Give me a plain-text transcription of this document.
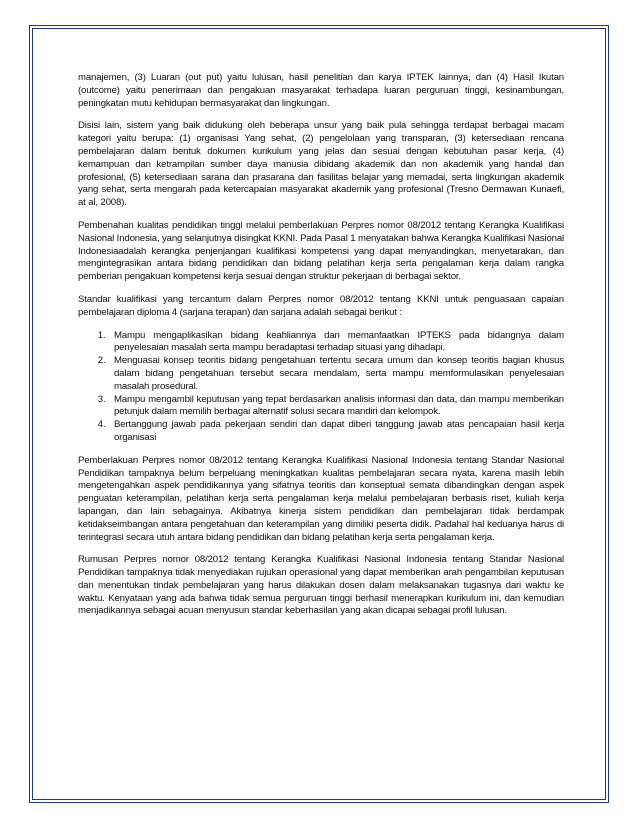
manajemen, (3) Luaran (out put) yaitu lulusan, hasil penelitian dan karya IPTEK lainnya, dan (4) Hasil Ikutan (outcome) yaitu penerimaan dan pengakuan masyarakat terhadapa luaran perguruan tinggi, kesinambungan, peningkatan mutu kehidupan bermasyarakat dan lingkungan.

Disisi lain, sistem yang baik didukung oleh beberapa unsur yang baik pula sehingga terdapat berbagai macam kategori yaitu berupa: (1) organisasi Yang sehat, (2) pengelolaan yang transparan, (3) ketersediaan rencana pembelajaran dalam bentuk dokumen kurikulum yang jelas dan sesuai dengan kebutuhan pasar kerja, (4) kemampuan dan ketrampilan sumber daya manusia dibidang akademik dan non akademik yang handal dan profesional, (5) ketersediaan sarana dan prasarana dan fasilitas belajar yang memadai, serta lingkungan akademik yang sehat, serta mengarah pada ketercapaian masyarakat akademik yang profesional (Tresno Dermawan Kunaefi, at al, 2008).

Pembenahan kualitas pendidikan tinggi melalui pemberlakuan Perpres nomor 08/2012 tentang Kerangka Kualifikasi Nasional Indonesia, yang selanjutnya disingkat KKNI. Pada Pasal 1 menyatakan bahwa Kerangka Kualifikasi Nasional Indonesiaadalah kerangka penjenjangan kualifikasi kompetensi yang dapat menyandingkan, menyetarakan, dan mengintegrasikan antara bidang pendidikan dan bidang pelatihan kerja serta pengalaman kerja dalam rangka pemberian pengakuan kompetensi kerja sesuai dengan struktur pekerjaan di berbagai sektor.

Standar kualifikasi yang tercantum dalam Perpres nomor 08/2012 tentang KKNI untuk penguasaan capaian pembelajaran diploma 4 (sarjana terapan) dan sarjana adalah sebagai berikut :

1. Mampu mengaplikasikan bidang keahliannya dan memanfaatkan IPTEKS pada bidangnya dalam penyelesaian masalah serta mampu beradaptasi terhadap situasi yang dihadapi.
2. Menguasai konsep teoritis bidang pengetahuan tertentu secara umum dan konsep teoritis bagian khusus dalam bidang pengetahuan tersebut secara mendalam, serta mampu memformulasikan penyelesaian masalah prosedural.
3. Mampu mengambil keputusan yang tepat berdasarkan analisis informasi dan data, dan mampu memberikan petunjuk dalam memilih berbagai alternatif solusi secara mandiri dan kelompok.
4. Bertanggung jawab pada pekerjaan sendiri dan dapat diberi tanggung jawab atas pencapaian hasil kerja organisasi

Pemberlakuan Perpres nomor 08/2012 tentang Kerangka Kualifikasi Nasional Indonesia tentang Standar Nasional Pendidikan tampaknya belum berpeluang meningkatkan kualitas pembelajaran secara nyata, karena masih lebih mengetengahkan aspek pendidikannya yang sifatnya teoritis dan konseptual semata dibandingkan dengan aspek penguatan keterampilan, pelatihan kerja serta pengalaman kerja melalui pembelajaran berbasis riset, kuliah kerja lapangan, dan lain sebagainya. Akibatnya kinerja sistem pendidikan dan pembelajaran tidak berdampak ketidakseimbangan antara pengetahuan dan keterampilan yang dimiliki peserta didik. Padahal hal keduanya harus di terintegrasi secara utuh antara bidang pendidikan dan bidang pelatihan kerja serta pengalaman kerja.

Rumusan Perpres nomor 08/2012 tentang Kerangka Kualifikasi Nasional Indonesia tentang Standar Nasional Pendidikan tampaknya tidak menyediakan rujukan operasional yang dapat memberikan arah pengambilan keputusan dan menentukan tindak pembelajaran yang harus dilakukan dosen dalam melaksanakan tugasnya dari waktu ke waktu. Kenyataan yang ada bahwa tidak semua perguruan tinggi berhasil menerapkan kurikulum ini, dan kemudian menjadikannya sebagai acuan menyusun standar keberhasilan yang akan dicapai sebagai profil lulusan.
